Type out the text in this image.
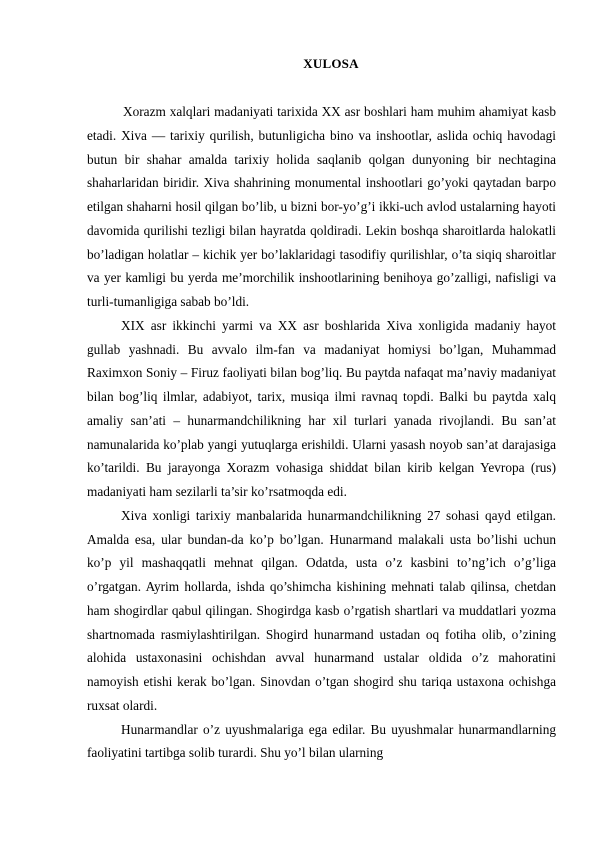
XULOSA

Xorazm xalqlari madaniyati tarixida XX asr boshlari ham muhim ahamiyat kasb etadi. Xiva — tarixiy qurilish, butunligicha bino va inshootlar, aslida ochiq havodagi butun bir shahar amalda tarixiy holida saqlanib qolgan dunyoning bir nechtagina shaharlaridan biridir. Xiva shahrining monumental inshootlari go’yoki qaytadan barpo etilgan shaharni hosil qilgan bo’lib, u bizni bor-yo’g’i ikki-uch avlod ustalarning hayoti davomida qurilishi tezligi bilan hayratda qoldiradi. Lekin boshqa sharoitlarda halokatli bo’ladigan holatlar – kichik yer bo’laklaridagi tasodifiy qurilishlar, o’ta siqiq sharoitlar va yer kamligi bu yerda me’morchilik inshootlarining benihoya go’zalligi, nafisligi va turli-tumanligiga sabab bo’ldi.

XIX asr ikkinchi yarmi va XX asr boshlarida Xiva xonligida madaniy hayot gullab yashnadi. Bu avvalo ilm-fan va madaniyat homiysi bo’lgan, Muhammad Raximxon Soniy – Firuz faoliyati bilan bog’liq. Bu paytda nafaqat ma’naviy madaniyat bilan bog’liq ilmlar, adabiyot, tarix, musiqa ilmi ravnaq topdi. Balki bu paytda xalq amaliy san’ati – hunarmandchilikning har xil turlari yanada rivojlandi. Bu san’at namunalarida ko’plab yangi yutuqlarga erishildi. Ularni yasash noyob san’at darajasiga ko’tarildi. Bu jarayonga Xorazm vohasiga shiddat bilan kirib kelgan Yevropa (rus) madaniyati ham sezilarli ta’sir ko’rsatmoqda edi.

Xiva xonligi tarixiy manbalarida hunarmandchilikning 27 sohasi qayd etilgan. Amalda esa, ular bundan-da ko’p bo’lgan. Hunarmand malakali usta bo’lishi uchun ko’p yil mashaqqatli mehnat qilgan. Odatda, usta o’z kasbini to’ng’ich o’g’liga o’rgatgan. Ayrim hollarda, ishda qo’shimcha kishining mehnati talab qilinsa, chetdan ham shogirdlar qabul qilingan. Shogirdga kasb o’rgatish shartlari va muddatlari yozma shartnomada rasmiylashtirilgan. Shogird hunarmand ustadan oq fotiha olib, o’zining alohida ustaxonasini ochishdan avval hunarmand ustalar oldida o’z mahoratini namoyish etishi kerak bo’lgan. Sinovdan o’tgan shogird shu tariqa ustaxona ochishga ruxsat olardi.

Hunarmandlar o’z uyushmalariga ega edilar. Bu uyushmalar hunarmandlarning faoliyatini tartibga solib turardi. Shu yo’l bilan ularning
